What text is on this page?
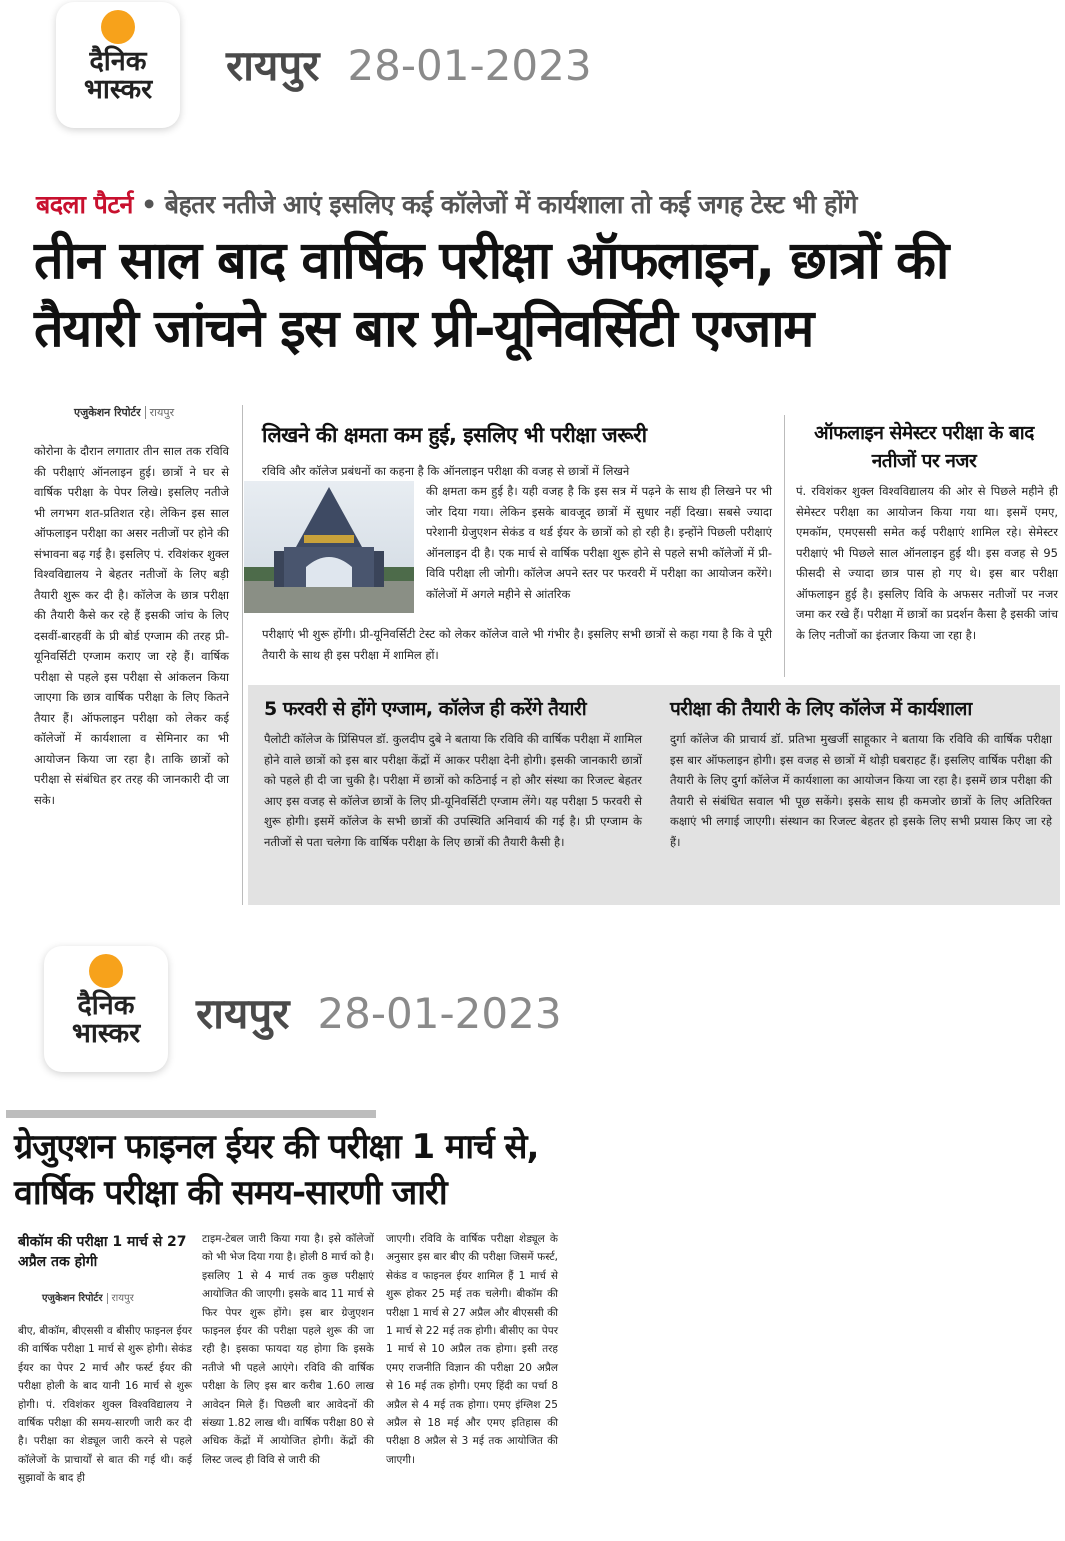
दैनिक
भास्कर	रायपुर 28-01-2023
बदला पैटर्न • बेहतर नतीजे आएं इसलिए कई कॉलेजों में कार्यशाला तो कई जगह टेस्ट भी होंगे
तीन साल बाद वार्षिक परीक्षा ऑफलाइन, छात्रों की तैयारी जांचने इस बार प्री-यूनिवर्सिटी एग्जाम
एजुकेशन रिपोर्टर रायपुर
कोरोना के दौरान लगातार तीन साल तक रविवि की परीक्षाएं ऑनलाइन हुई। छात्रों ने घर से वार्षिक परीक्षा के पेपर लिखे। इसलिए नतीजे भी लगभग शत-प्रतिशत रहे। लेकिन इस साल ऑफलाइन परीक्षा का असर नतीजों पर होने की संभावना बढ़ गई है। इसलिए पं. रविशंकर शुक्ल विश्वविद्यालय ने बेहतर नतीजों के लिए बड़ी तैयारी शुरू कर दी है। कॉलेज के छात्र परीक्षा की तैयारी कैसे कर रहे हैं इसकी जांच के लिए दसवीं-बारहवीं के प्री बोर्ड एग्जाम की तरह प्री-यूनिवर्सिटी एग्जाम कराए जा रहे हैं। वार्षिक परीक्षा से पहले इस परीक्षा से आंकलन किया जाएगा कि छात्र वार्षिक परीक्षा के लिए कितने तैयार हैं। ऑफलाइन परीक्षा को लेकर कई कॉलेजों में कार्यशाला व सेमिनार का भी आयोजन किया जा रहा है। ताकि छात्रों को परीक्षा से संबंधित हर तरह की जानकारी दी जा सके।
लिखने की क्षमता कम हुई, इसलिए भी परीक्षा जरूरी
रविवि और कॉलेज प्रबंधनों का कहना है कि ऑनलाइन परीक्षा की वजह से छात्रों में लिखने
की क्षमता कम हुई है। यही वजह है कि इस सत्र में पढ़ने के साथ ही लिखने पर भी जोर दिया गया। लेकिन इसके बावजूद छात्रों में सुधार नहीं दिखा। सबसे ज्यादा परेशानी ग्रेजुएशन सेकंड व थर्ड ईयर के छात्रों को हो रही है। इन्होंने पिछली परीक्षाएं ऑनलाइन दी है। एक मार्च से वार्षिक परीक्षा शुरू होने से पहले सभी कॉलेजों में प्री-विवि परीक्षा ली जोगी। कॉलेज अपने स्तर पर फरवरी में परीक्षा का आयोजन करेंगे। कॉलेजों में अगले महीने से आंतरिक
परीक्षाएं भी शुरू होंगी। प्री-यूनिवर्सिटी टेस्ट को लेकर कॉलेज वाले भी गंभीर है। इसलिए सभी छात्रों से कहा गया है कि वे पूरी तैयारी के साथ ही इस परीक्षा में शामिल हों।
ऑफलाइन सेमेस्टर परीक्षा के बाद नतीजों पर नजर
पं. रविशंकर शुक्ल विश्वविद्यालय की ओर से पिछले महीने ही सेमेस्टर परीक्षा का आयोजन किया गया था। इसमें एमए, एमकॉम, एमएससी समेत कई परीक्षाएं शामिल रहे। सेमेस्टर परीक्षाएं भी पिछले साल ऑनलाइन हुई थी। इस वजह से 95 फीसदी से ज्यादा छात्र पास हो गए थे। इस बार परीक्षा ऑफलाइन हुई है। इसलिए विवि के अफसर नतीजों पर नजर जमा कर रखे हैं। परीक्षा में छात्रों का प्रदर्शन कैसा है इसकी जांच के लिए नतीजों का इंतजार किया जा रहा है।
5 फरवरी से होंगे एग्जाम, कॉलेज ही करेंगे तैयारी
पैलोटी कॉलेज के प्रिंसिपल डॉ. कुलदीप दुबे ने बताया कि रविवि की वार्षिक परीक्षा में शामिल होने वाले छात्रों को इस बार परीक्षा केंद्रों में आकर परीक्षा देनी होगी। इसकी जानकारी छात्रों को पहले ही दी जा चुकी है। परीक्षा में छात्रों को कठिनाई न हो और संस्था का रिजल्ट बेहतर आए इस वजह से कॉलेज छात्रों के लिए प्री-यूनिवर्सिटी एग्जाम लेंगे। यह परीक्षा 5 फरवरी से शुरू होगी। इसमें कॉलेज के सभी छात्रों की उपस्थिति अनिवार्य की गई है। प्री एग्जाम के नतीजों से पता चलेगा कि वार्षिक परीक्षा के लिए छात्रों की तैयारी कैसी है।
परीक्षा की तैयारी के लिए कॉलेज में कार्यशाला
दुर्गा कॉलेज की प्राचार्य डॉ. प्रतिभा मुखर्जी साहूकार ने बताया कि रविवि की वार्षिक परीक्षा इस बार ऑफलाइन होगी। इस वजह से छात्रों में थोड़ी घबराहट हैं। इसलिए वार्षिक परीक्षा की तैयारी के लिए दुर्गा कॉलेज में कार्यशाला का आयोजन किया जा रहा है। इसमें छात्र परीक्षा की तैयारी से संबंधित सवाल भी पूछ सकेंगे। इसके साथ ही कमजोर छात्रों के लिए अतिरिक्त कक्षाएं भी लगाई जाएगी। संस्थान का रिजल्ट बेहतर हो इसके लिए सभी प्रयास किए जा रहे हैं।
दैनिक
भास्कर	रायपुर 28-01-2023
ग्रेजुएशन फाइनल ईयर की परीक्षा 1 मार्च से, वार्षिक परीक्षा की समय-सारणी जारी
बीकॉम की परीक्षा 1 मार्च से 27 अप्रैल तक होगी
एजुकेशन रिपोर्टर रायपुर
बीए, बीकॉम, बीएससी व बीसीए फाइनल ईयर की वार्षिक परीक्षा 1 मार्च से शुरू होगी। सेकंड ईयर का पेपर 2 मार्च और फर्स्ट ईयर की परीक्षा होली के बाद यानी 16 मार्च से शुरू होगी। पं. रविशंकर शुक्ल विश्वविद्यालय ने वार्षिक परीक्षा की समय-सारणी जारी कर दी है। परीक्षा का शेड्यूल जारी करने से पहले कॉलेजों के प्राचार्यों से बात की गई थी। कई सुझावों के बाद ही
टाइम-टेबल जारी किया गया है। इसे कॉलेजों को भी भेज दिया गया है। होली 8 मार्च को है। इसलिए 1 से 4 मार्च तक कुछ परीक्षाएं आयोजित की जाएगी। इसके बाद 11 मार्च से फिर पेपर शुरू होंगे। इस बार ग्रेजुएशन फाइनल ईयर की परीक्षा पहले शुरू की जा रही है। इसका फायदा यह होगा कि इसके नतीजे भी पहले आएंगे। रविवि की वार्षिक परीक्षा के लिए इस बार करीब 1.60 लाख आवेदन मिले हैं। पिछली बार आवेदनों की संख्या 1.82 लाख थी। वार्षिक परीक्षा 80 से अधिक केंद्रों में आयोजित होगी। केंद्रों की लिस्ट जल्द ही विवि से जारी की
जाएगी। रविवि के वार्षिक परीक्षा शेड्यूल के अनुसार इस बार बीए की परीक्षा जिसमें फर्स्ट, सेकंड व फाइनल ईयर शामिल हैं 1 मार्च से शुरू होकर 25 मई तक चलेगी। बीकॉम की परीक्षा 1 मार्च से 27 अप्रैल और बीएससी की 1 मार्च से 22 मई तक होगी। बीसीए का पेपर 1 मार्च से 10 अप्रैल तक होगा। इसी तरह एमए राजनीति विज्ञान की परीक्षा 20 अप्रैल से 16 मई तक होगी। एमए हिंदी का पर्चा 8 अप्रैल से 4 मई तक होगा। एमए इंग्लिश 25 अप्रैल से 18 मई और एमए इतिहास की परीक्षा 8 अप्रैल से 3 मई तक आयोजित की जाएगी।
